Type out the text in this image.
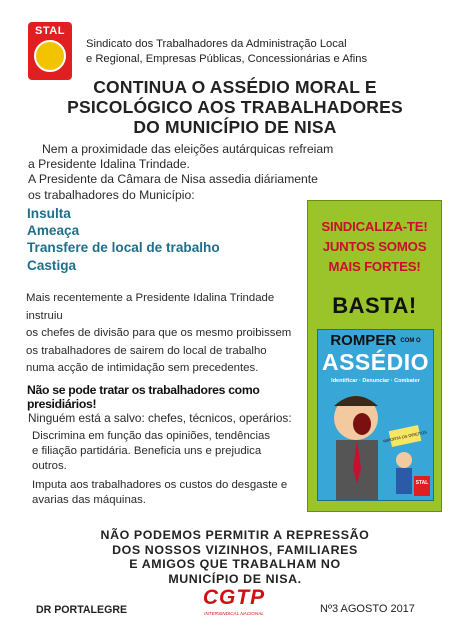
STAL
Sindicato dos Trabalhadores da Administração Local
e Regional, Empresas Públicas, Concessionárias e Afins
CONTINUA O ASSÉDIO MORAL E
PSICOLÓGICO AOS TRABALHADORES
DO MUNICÍPIO DE NISA

Nem a proximidade das eleições autárquicas refreiam

a Presidente Idalina Trindade.

A Presidente da Câmara de Nisa assedia diáriamente

os trabalhadores do Município:

Insulta
Ameaça
Transfere de local de trabalho
Castiga
Mais recentemente a Presidente Idalina Trindade instruiu
os chefes de divisão para que os mesmo proibissem
os trabalhadores de sairem do local de trabalho
numa acção de intimidação sem precedentes.
Não se pode tratar os trabalhadores como presidiários!

Ninguém está a salvo: chefes, técnicos, operários:

Discrimina em função das opiniões, tendências

e filiação partidária. Beneficia uns e prejudica

outros.

Imputa aos trabalhadores os custos do desgaste e

avarias das máquinas.

SINDICALIZA-TE!
JUNTOS SOMOS
MAIS FORTES!
BASTA!
ROMPER COM O
ASSÉDIO
Identificar · Denunciar · Combater
IMPORTA OS DIREITOS
STAL
NÃO PODEMOS PERMITIR A REPRESSÃO
DOS NOSSOS VIZINHOS, FAMILIARES
E AMIGOS QUE TRABALHAM NO
MUNICÍPIO DE NISA.
DR PORTALEGRE
CGTP
INTERSINDICAL NACIONAL	Nº3 AGOSTO 2017
